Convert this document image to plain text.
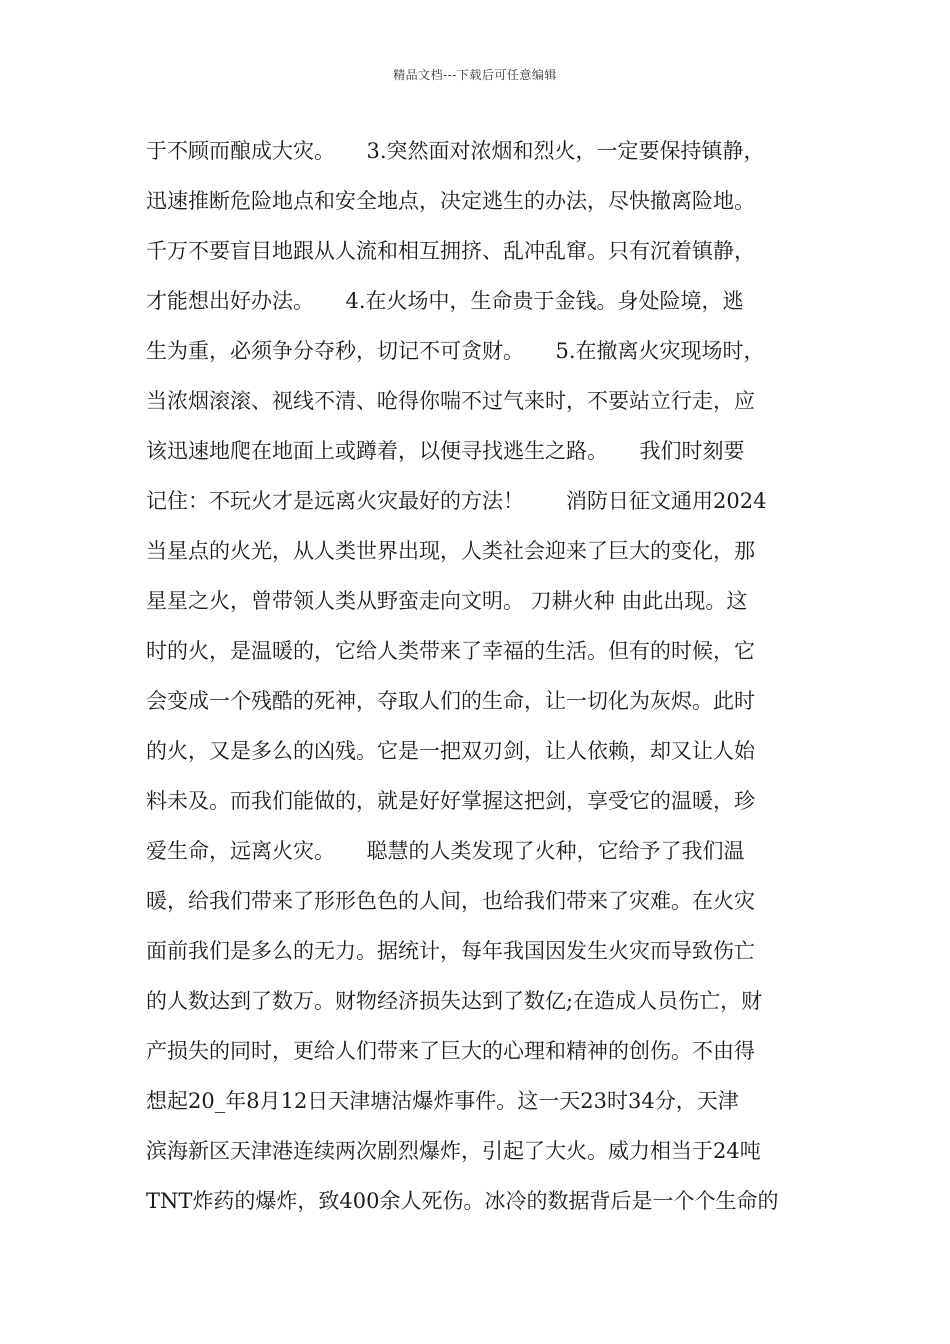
精品文档---下载后可任意编辑
于不顾而酿成大灾。　　3.突然面对浓烟和烈火，一定要保持镇静，
迅速推断危险地点和安全地点，决定逃生的办法，尽快撤离险地。
千万不要盲目地跟从人流和相互拥挤、乱冲乱窜。只有沉着镇静，
才能想出好办法。　　4.在火场中，生命贵于金钱。身处险境，逃
生为重，必须争分夺秒，切记不可贪财。　　5.在撤离火灾现场时，
当浓烟滚滚、视线不清、呛得你喘不过气来时，不要站立行走，应
该迅速地爬在地面上或蹲着，以便寻找逃生之路。　　我们时刻要
记住：不玩火才是远离火灾最好的方法！　　消防日征文通用2024
当星点的火光，从人类世界出现，人类社会迎来了巨大的变化，那
星星之火，曾带领人类从野蛮走向文明。 刀耕火种 由此出现。这
时的火，是温暖的，它给人类带来了幸福的生活。但有的时候，它
会变成一个残酷的死神，夺取人们的生命，让一切化为灰烬。此时
的火，又是多么的凶残。它是一把双刃剑，让人依赖，却又让人始
料未及。而我们能做的，就是好好掌握这把剑，享受它的温暖，珍
爱生命，远离火灾。　　聪慧的人类发现了火种，它给予了我们温
暖，给我们带来了形形色色的人间，也给我们带来了灾难。在火灾
面前我们是多么的无力。据统计，每年我国因发生火灾而导致伤亡
的人数达到了数万。财物经济损失达到了数亿;在造成人员伤亡，财
产损失的同时，更给人们带来了巨大的心理和精神的创伤。不由得
想起20_年8月12日天津塘沽爆炸事件。这一天23时34分，天津
滨海新区天津港连续两次剧烈爆炸，引起了大火。威力相当于24吨
TNT炸药的爆炸，致400余人死伤。冰冷的数据背后是一个个生命的
